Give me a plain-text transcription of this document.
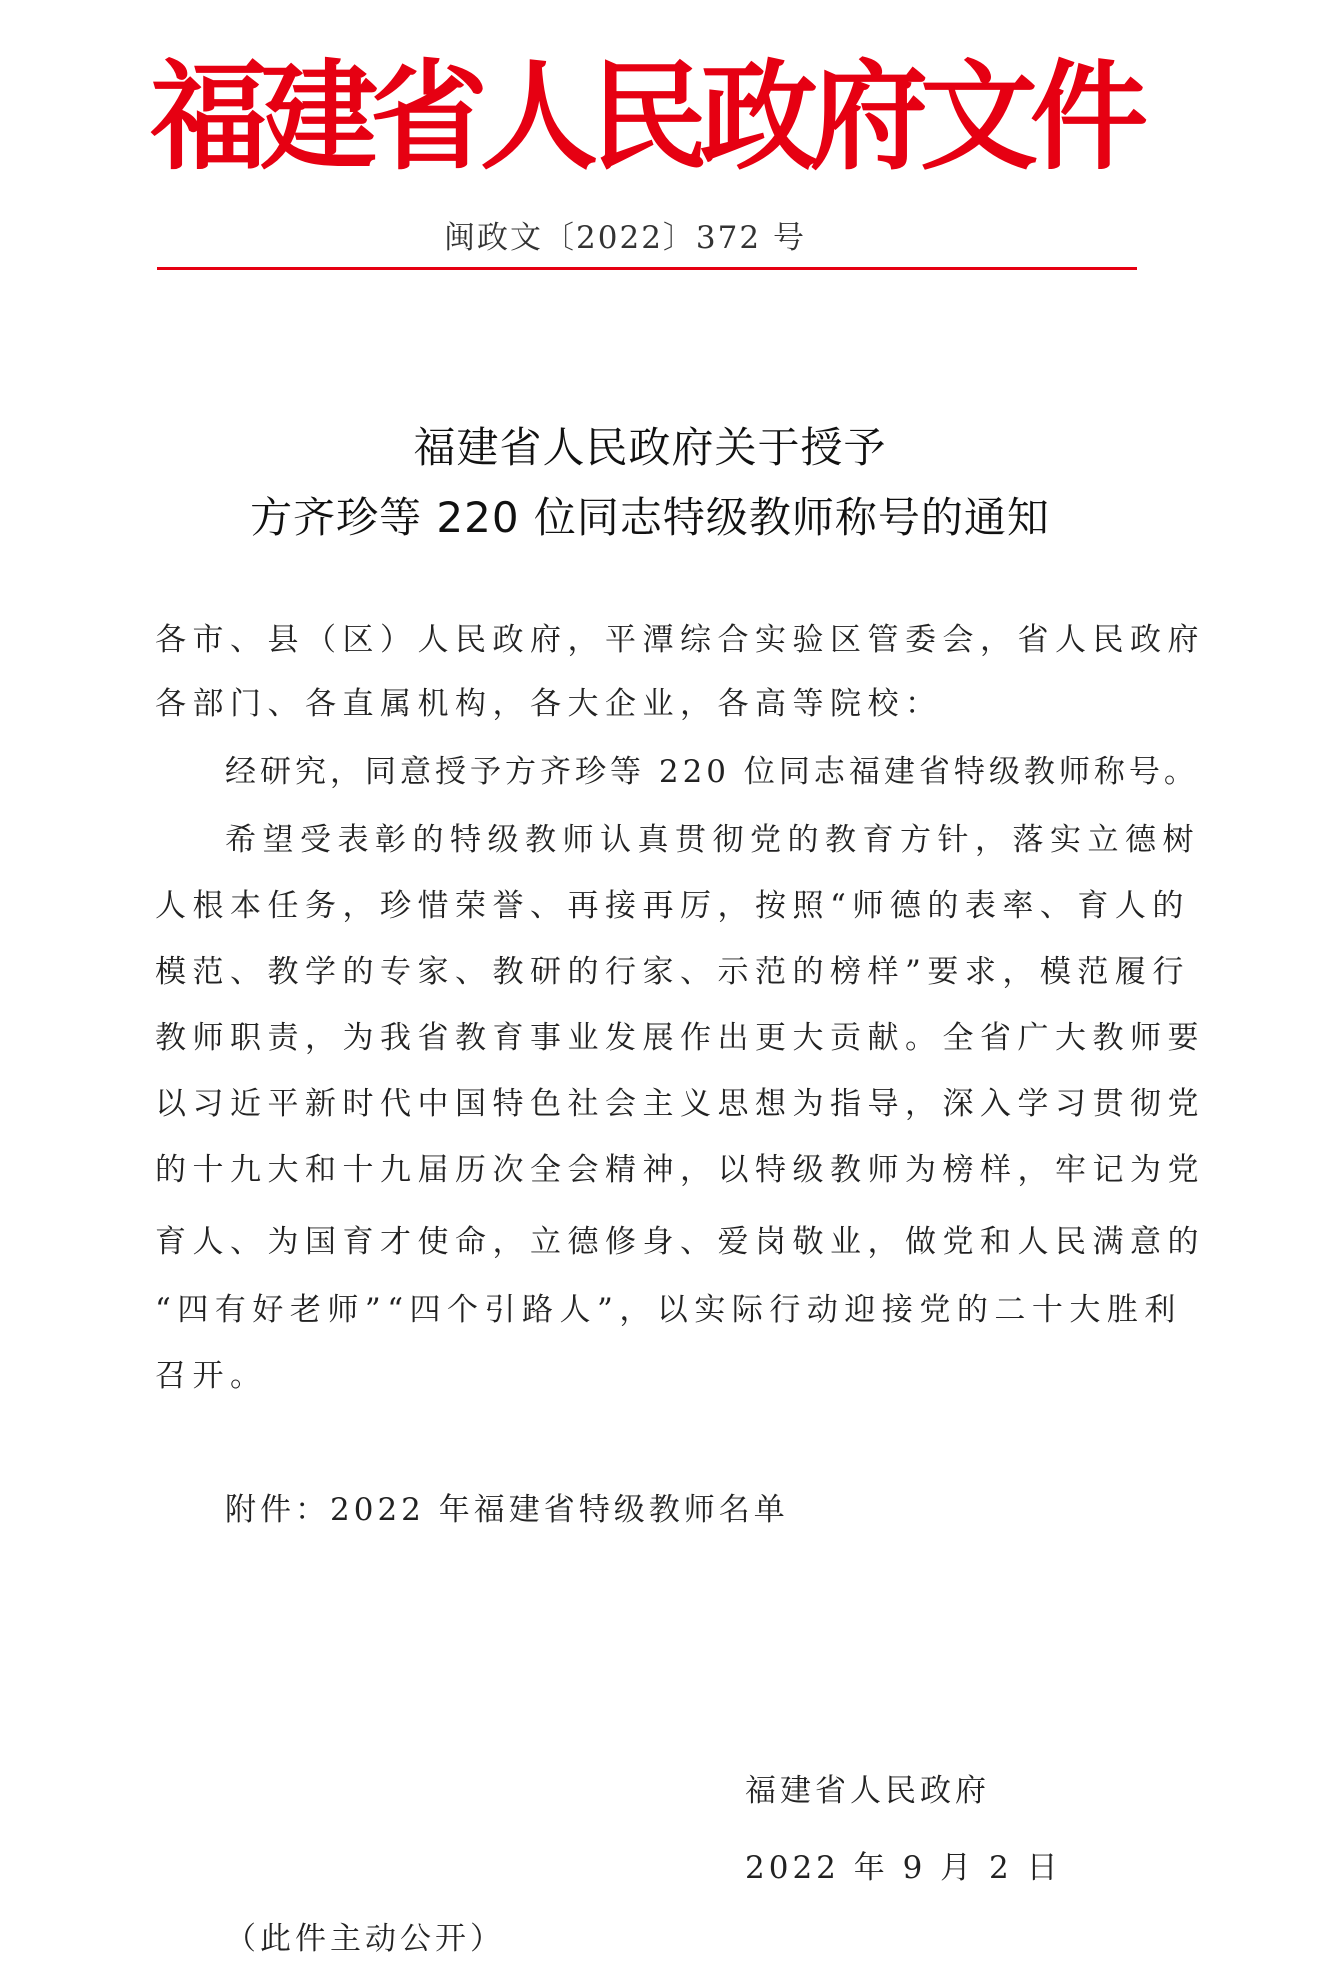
福建省人民政府文件
闽政文〔2022〕372 号
福建省人民政府关于授予
方齐珍等 220 位同志特级教师称号的通知
各市、县（区）人民政府，平潭综合实验区管委会，省人民政府
各部门、各直属机构，各大企业，各高等院校：
经研究，同意授予方齐珍等 220 位同志福建省特级教师称号。
希望受表彰的特级教师认真贯彻党的教育方针，落实立德树
人根本任务，珍惜荣誉、再接再厉，按照“师德的表率、育人的
模范、教学的专家、教研的行家、示范的榜样”要求，模范履行
教师职责，为我省教育事业发展作出更大贡献。全省广大教师要
以习近平新时代中国特色社会主义思想为指导，深入学习贯彻党
的十九大和十九届历次全会精神，以特级教师为榜样，牢记为党
育人、为国育才使命，立德修身、爱岗敬业，做党和人民满意的
“四有好老师”“四个引路人”，以实际行动迎接党的二十大胜利
召开。
附件：2022 年福建省特级教师名单
福建省人民政府
2022 年 9 月 2 日
（此件主动公开）
